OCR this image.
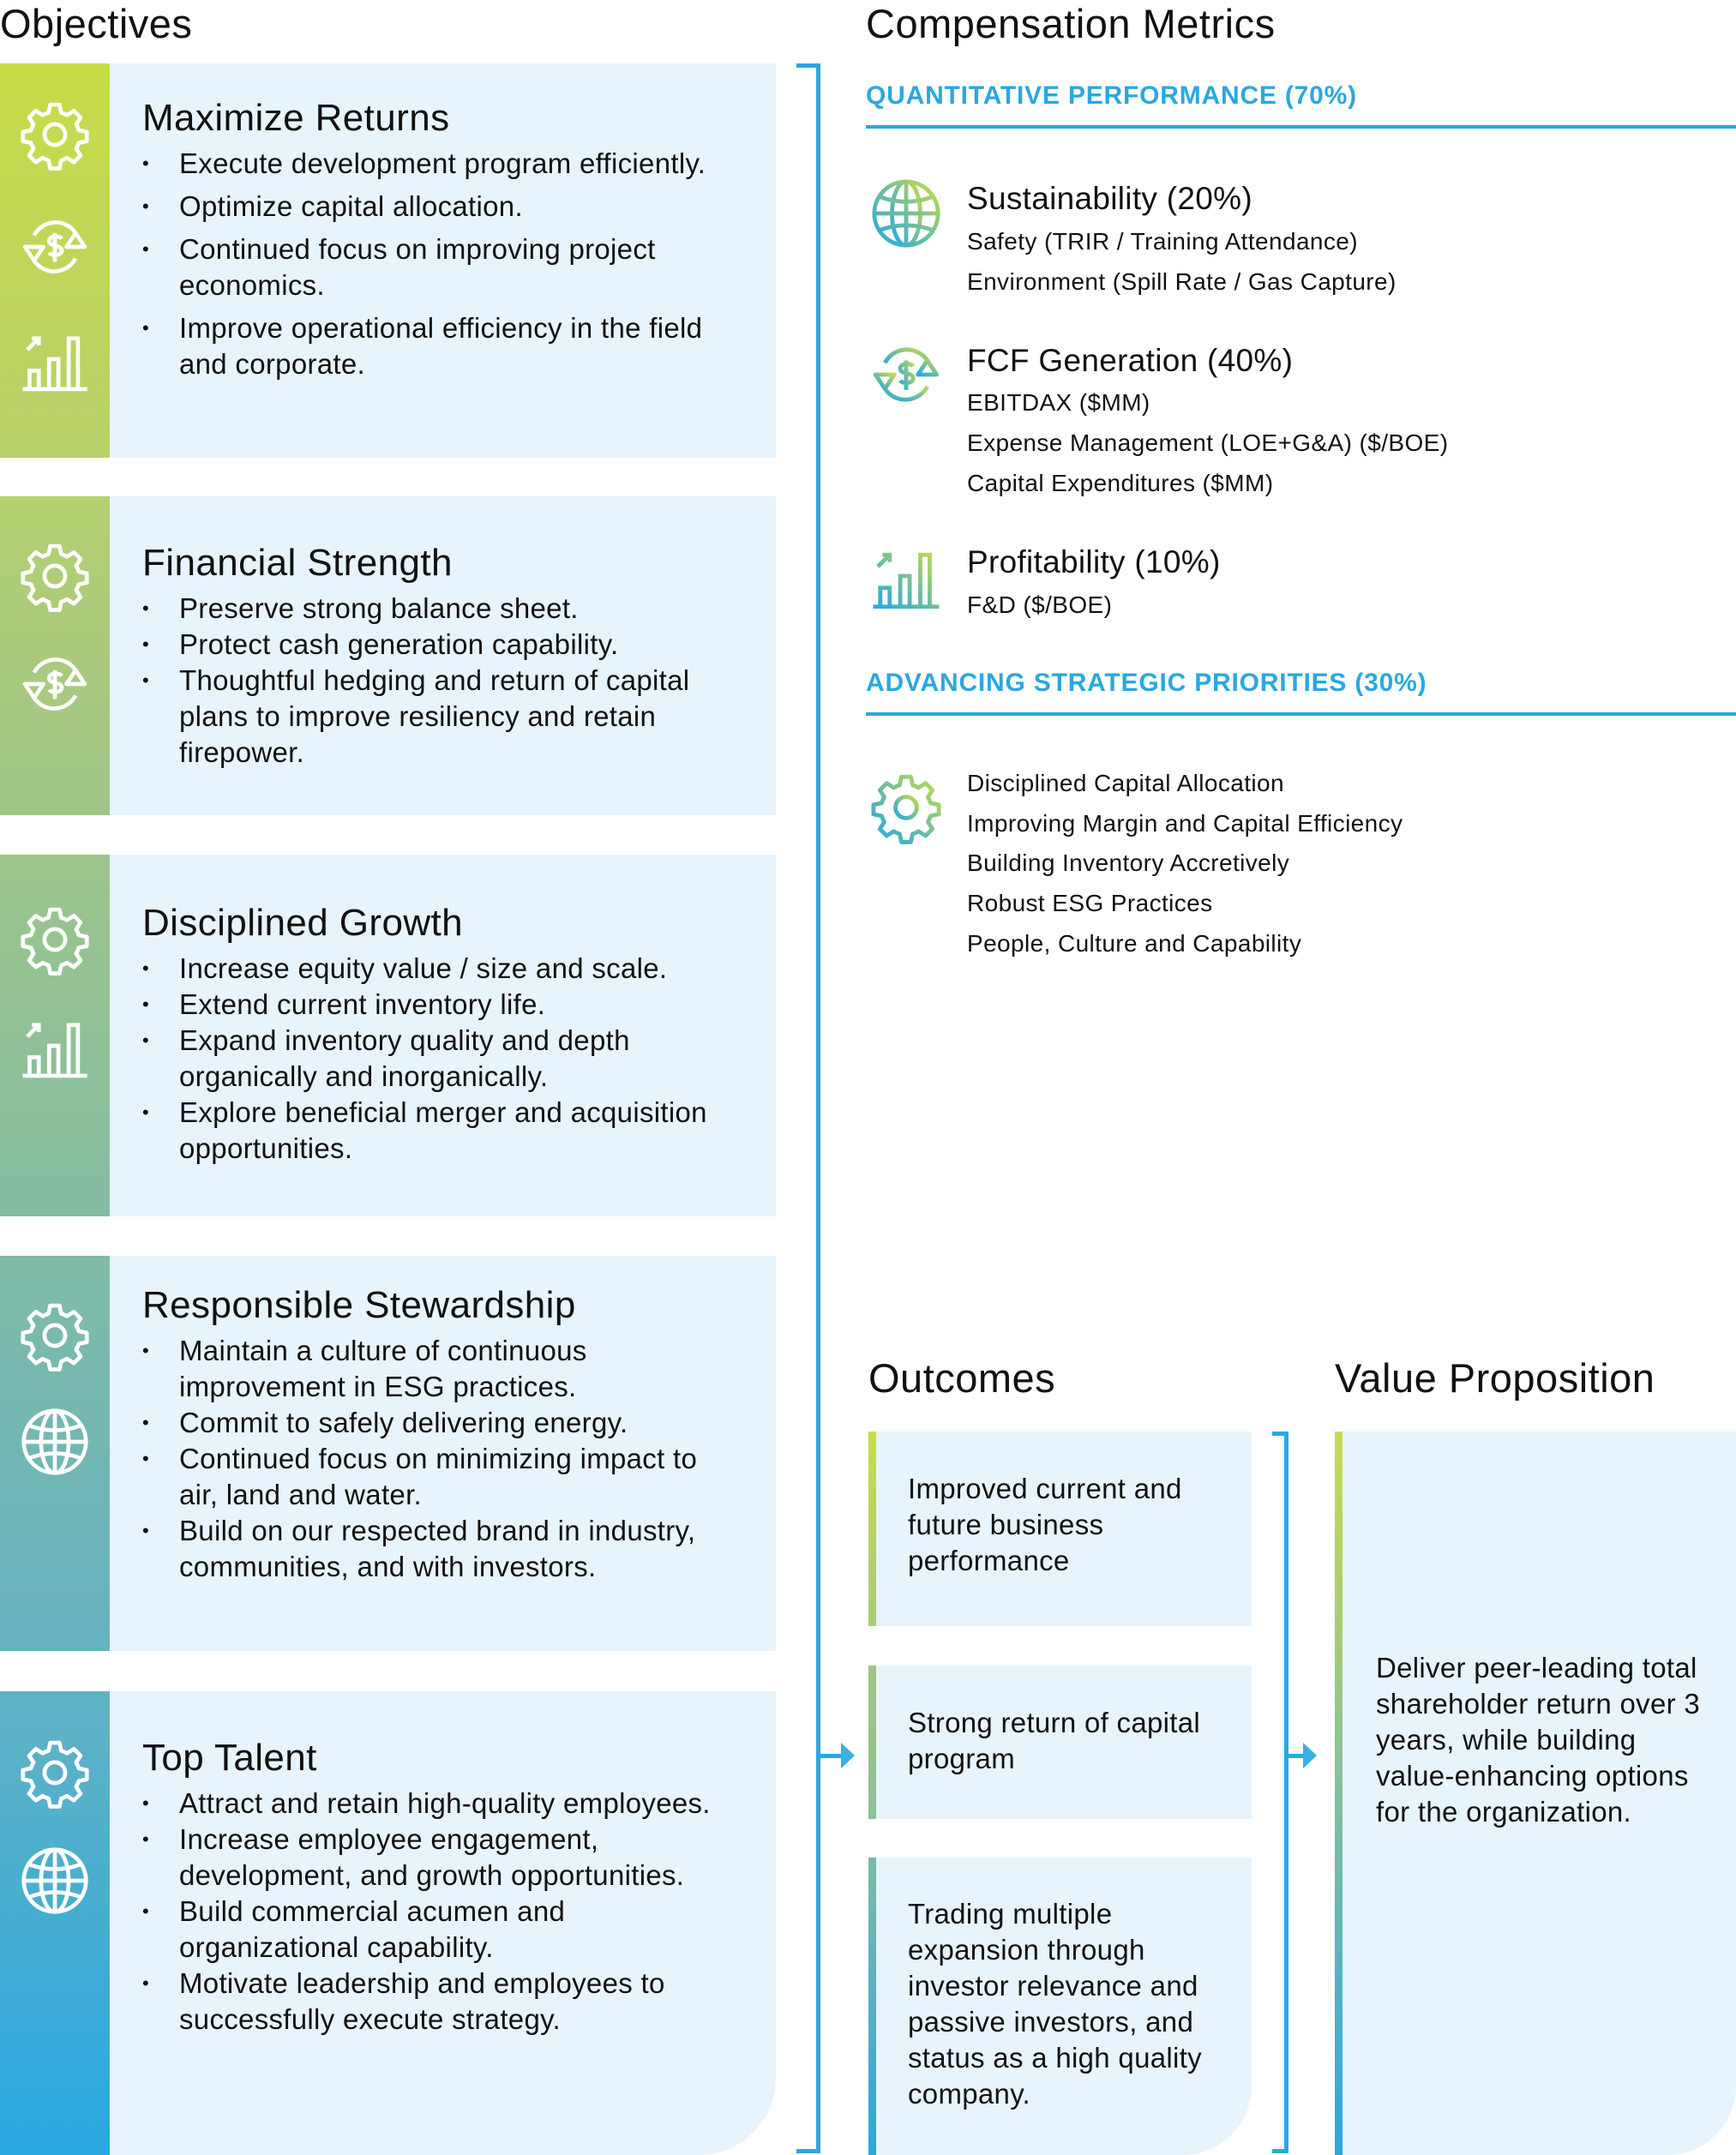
Objectives
Maximize Returns
• Execute development program efficiently.
• Optimize capital allocation.
• Continued focus on improving project economics.
• Improve operational efficiency in the field and corporate.
Financial Strength
• Preserve strong balance sheet.
• Protect cash generation capability.
• Thoughtful hedging and return of capital plans to improve resiliency and retain firepower.
Disciplined Growth
• Increase equity value / size and scale.
• Extend current inventory life.
• Expand inventory quality and depth organically and inorganically.
• Explore beneficial merger and acquisition opportunities.
Responsible Stewardship
• Maintain a culture of continuous improvement in ESG practices.
• Commit to safely delivering energy.
• Continued focus on minimizing impact to air, land and water.
• Build on our respected brand in industry, communities, and with investors.
Top Talent
• Attract and retain high-quality employees.
• Increase employee engagement, development, and growth opportunities.
• Build commercial acumen and organizational capability.
• Motivate leadership and employees to successfully execute strategy.
Compensation Metrics
QUANTITATIVE PERFORMANCE (70%)
Sustainability (20%)
Safety (TRIR / Training Attendance)
Environment (Spill Rate / Gas Capture)
FCF Generation (40%)
EBITDAX ($MM)
Expense Management (LOE+G&A) ($/BOE)
Capital Expenditures ($MM)
Profitability (10%)
F&D ($/BOE)
ADVANCING STRATEGIC PRIORITIES (30%)
Disciplined Capital Allocation
Improving Margin and Capital Efficiency
Building Inventory Accretively
Robust ESG Practices
People, Culture and Capability
Outcomes
Improved current and future business performance
Strong return of capital program
Trading multiple expansion through investor relevance and passive investors, and status as a high quality company.
Value Proposition
Deliver peer-leading total shareholder return over 3 years, while building value-enhancing options for the organization.
